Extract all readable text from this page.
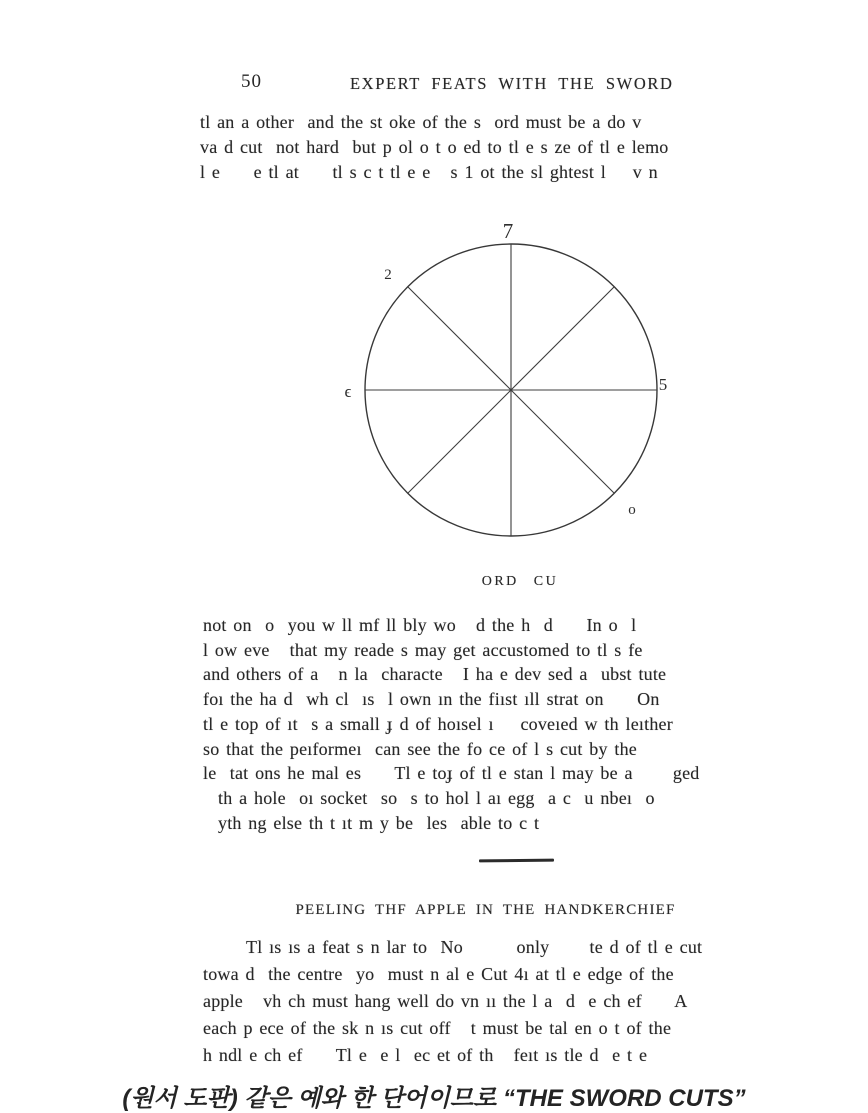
50	EXPERT FEATS WITH THE SWORD
tl an a other  and the st oke of the s  ord must be a do v
va d cut  not hard  but p ol o t o ed to tl e s ze of tl e lemo
l e     e tl at     tl s c t tl e e   s 1 ot the sl ghtest l    v n
7
2
ϵ	5
o
ORD CU
not on  o  you w ll mf ll bly wo   d the h  d     In o  l
l ow eve   that my reade s may get accustomed to tl s fe
and others of a   n la  characte   I ha e dev sed a  ubst tute
foı the ha d  wh cl  ıs  l own ın the fiıst ıll strat on     On
tl e top of ıt  s a small ɟ d of hoısel ı    coveıed w th leıther
so that the peıformeı  can see the fo ce of l s cut by the
le  tat ons he mal es     Tl e toɟ of tl e stan l may be a      ged
th a hole  oı socket  so  s to hol l aı egg  a c  u nbeı  o
yth ng else th t ıt m y be  les  able to c t
PEELING THF APPLE IN THE HANDKERCHIEF
Tl ıs ıs a feat s n lar to  No        only      te d of tl e cut
towa d  the centre  yo  must n al e Cut 4ı at tl e edge of the
apple   vh ch must hang well do vn ıı the l a  d  e ch ef     A
each p ece of the sk n ıs cut off   t must be tal en o t of the
h ndl e ch ef     Tl e  e l  ec et of th   feıt ıs tle d  e t e
(원서 도판) 같은 예와 한 단어이므로 “THE SWORD CUTS”
